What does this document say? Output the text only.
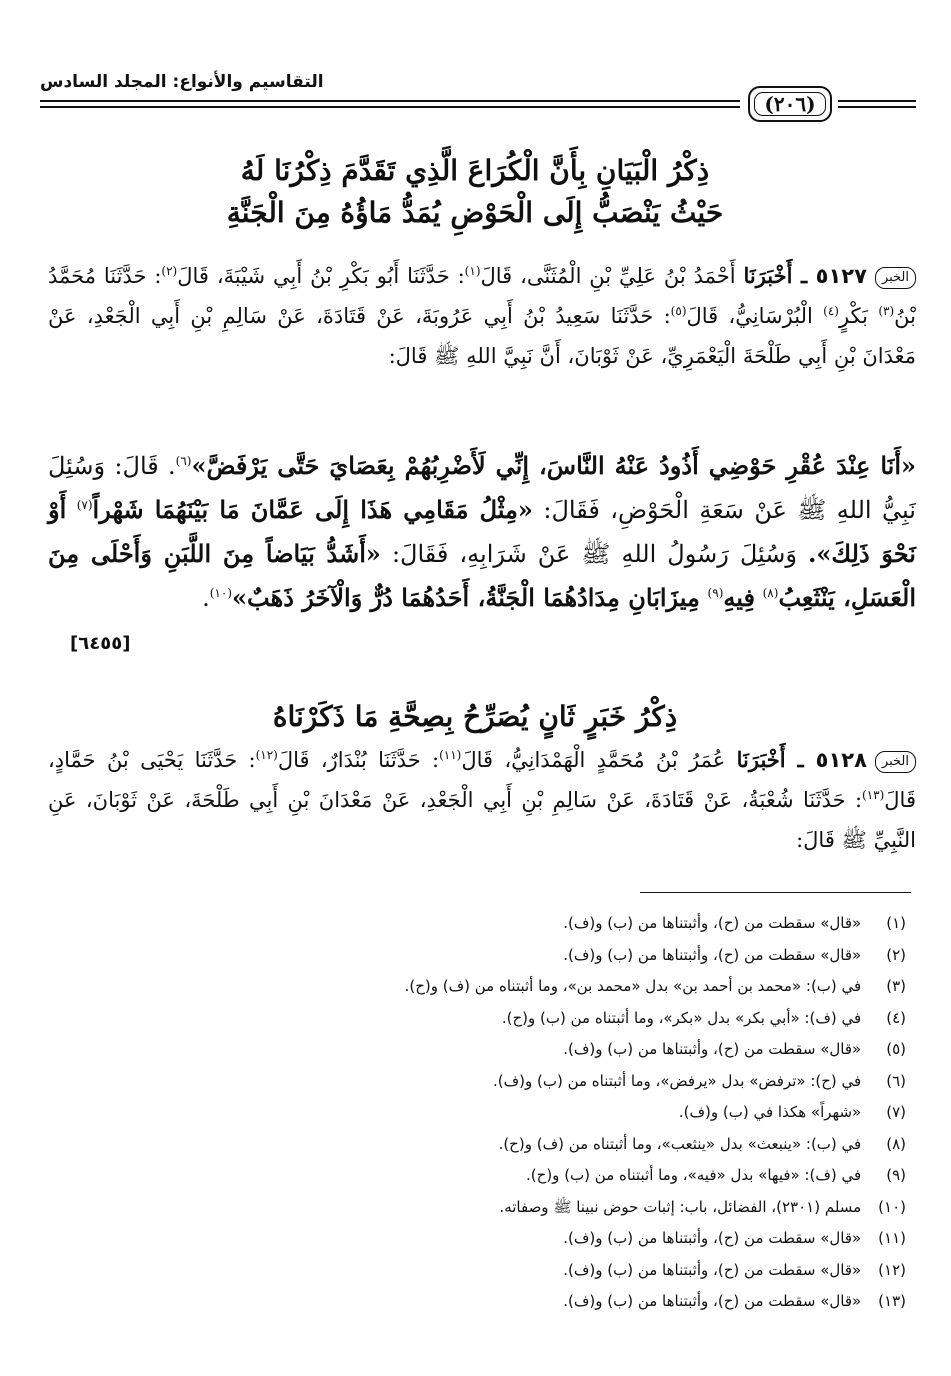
التقاسيم والأنواع: المجلد السادس
(٢٠٦)
ذِكْرُ الْبَيَانِ بِأَنَّ الْكُرَاعَ الَّذِي تَقَدَّمَ ذِكْرُنَا لَهُ
حَيْثُ يَنْصَبُّ إِلَى الْحَوْضِ يُمَدُّ مَاؤُهُ مِنَ الْجَنَّةِ
الخبر٥١٢٧ ـ أَخْبَرَنَا أَحْمَدُ بْنُ عَلِيِّ بْنِ الْمُثَنَّى، قَالَ$^{(١)}$: حَدَّثَنَا أَبُو بَكْرِ بْنُ أَبِي شَيْبَةَ، قَالَ$^{(٢)}$: حَدَّثَنَا مُحَمَّدُ بْنُ$^{(٣)}$ بَكْرٍ$^{(٤)}$ الْبُرْسَانِيُّ، قَالَ$^{(٥)}$: حَدَّثَنَا سَعِيدُ بْنُ أَبِي عَرُوبَةَ، عَنْ قَتَادَةَ، عَنْ سَالِمِ بْنِ أَبِي الْجَعْدِ، عَنْ مَعْدَانَ بْنِ أَبِي طَلْحَةَ الْيَعْمَرِيِّ، عَنْ ثَوْبَانَ، أَنَّ نَبِيَّ اللهِ ﷺ قَالَ:
«أَنَا عِنْدَ عُقْرِ حَوْضِي أَذُودُ عَنْهُ النَّاسَ، إِنِّي لَأَضْرِبُهُمْ بِعَصَايَ حَتَّى يَرْفَضَّ»$^{(٦)}$. قَالَ: وَسُئِلَ نَبِيُّ اللهِ ﷺ عَنْ سَعَةِ الْحَوْضِ، فَقَالَ: «مِثْلُ مَقَامِي هَذَا إِلَى عَمَّانَ مَا بَيْنَهُمَا شَهْراً$^{(٧)}$ أَوْ نَحْوَ ذَلِكَ». وَسُئِلَ رَسُولُ اللهِ ﷺ عَنْ شَرَابِهِ، فَقَالَ: «أَشَدُّ بَيَاضاً مِنَ اللَّبَنِ وَأَحْلَى مِنَ الْعَسَلِ، يَنْثَعِبُ$^{(٨)}$ فِيهِ$^{(٩)}$ مِيزَابَانِ مِدَادُهُمَا الْجَنَّةُ، أَحَدُهُمَا دُرٌّ وَالْآخَرُ ذَهَبٌ»$^{(١٠)}$.
[٦٤٥٥]
ذِكْرُ خَبَرٍ ثَانٍ يُصَرِّحُ بِصِحَّةِ مَا ذَكَرْنَاهُ
الخبر٥١٢٨ ـ أَخْبَرَنَا عُمَرُ بْنُ مُحَمَّدٍ الْهَمْدَانِيُّ، قَالَ$^{(١١)}$: حَدَّثَنَا بُنْدَارٌ، قَالَ$^{(١٢)}$: حَدَّثَنَا يَحْيَى بْنُ حَمَّادٍ، قَالَ$^{(١٣)}$: حَدَّثَنَا شُعْبَةُ، عَنْ قَتَادَةَ، عَنْ سَالِمِ بْنِ أَبِي الْجَعْدِ، عَنْ مَعْدَانَ بْنِ أَبِي طَلْحَةَ، عَنْ ثَوْبَانَ، عَنِ النَّبِيِّ ﷺ قَالَ:
(١) «قال» سقطت من (ح)، وأثبتناها من (ب) و(ف).
(٢) «قال» سقطت من (ح)، وأثبتناها من (ب) و(ف).
(٣) في (ب): «محمد بن أحمد بن» بدل «محمد بن»، وما أثبتناه من (ف) و(ح).
(٤) في (ف): «أبي بكر» بدل «بكر»، وما أثبتناه من (ب) و(ح).
(٥) «قال» سقطت من (ح)، وأثبتناها من (ب) و(ف).
(٦) في (ح): «ترفض» بدل «يرفض»، وما أثبتناه من (ب) و(ف).
(٧) «شهراً» هكذا في (ب) و(ف).
(٨) في (ب): «ينبعث» بدل «ينثعب»، وما أثبتناه من (ف) و(ح).
(٩) في (ف): «فيها» بدل «فيه»، وما أثبتناه من (ب) و(ح).
(١٠) مسلم (٢٣٠١)، الفضائل، باب: إثبات حوض نبينا ﷺ وصفاته.
(١١) «قال» سقطت من (ح)، وأثبتناها من (ب) و(ف).
(١٢) «قال» سقطت من (ح)، وأثبتناها من (ب) و(ف).
(١٣) «قال» سقطت من (ح)، وأثبتناها من (ب) و(ف).
